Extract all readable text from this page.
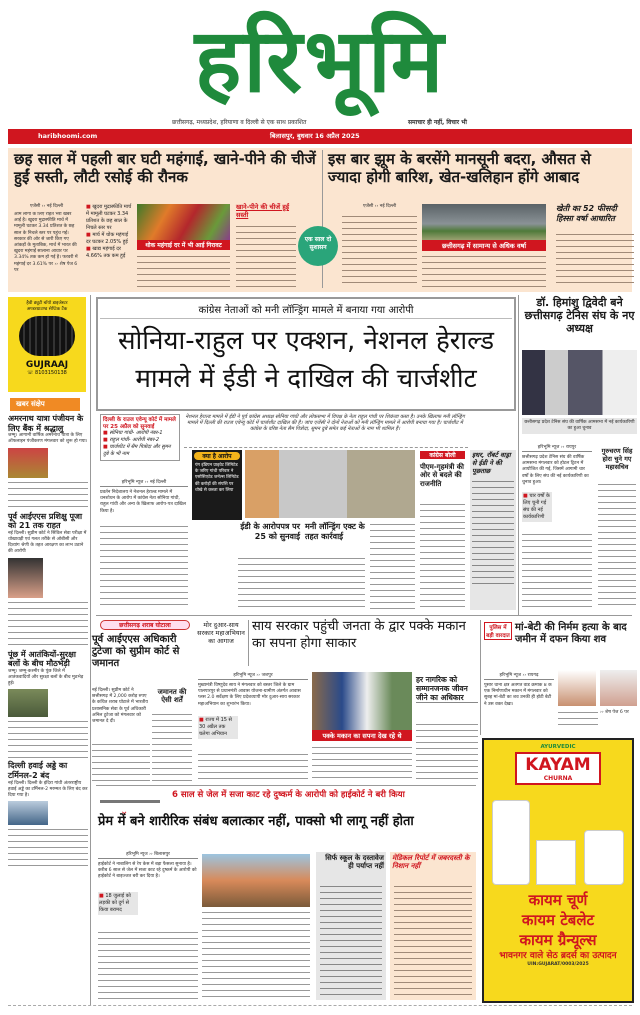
हरिभूमि
छत्तीसगढ़, मध्यप्रदेश, हरियाणा व दिल्ली से एक साथ प्रकाशित	समाचार ही नहीं, विचार भी
haribhoomi.com	बिलासपुर, बुधवार 16 अप्रैल 2025
छह साल में पहली बार घटी महंगाई, खाने-पीने की चीजें हुईं सस्ती, लौटी रसोई की रौनक
इस बार झूम के बरसेंगे मानसूनी बदरा, औसत से ज्यादा होगी बारिश, खेत-खलिहान होंगे आबाद
एजेंसी ›› नई दिल्ली
आम लोगों के लिए राहत भरी खबर आई है। खुदरा मुद्रास्फीति मार्च में मामूली घटकर 3.34 प्रतिशत के छह साल के निचले स्तर पर पहुंच गई। सरकार की ओर से जारी किए गए आंकड़ों के मुताबिक, मार्च में भारत की खुदरा महंगाई सालाना आधार पर 3.34% तक कम हो गई है। फरवरी में महंगाई दर 3.61% पर ›› शेष पेज 6 पर
■ खुदरा मुद्रास्फीति मार्च में मामूली घटकर 3.34 प्रतिशत के छह साल के निचले स्तर पर
■ मार्च में थोक महंगाई दर घटकर 2.05% हुई
■ खाद्य महंगाई दर 4.66% तक कम हुई
थोक महंगाई दर में भी आई गिरावट
खाने-पीने की चीजें हुईं सस्ती
एक साल दो सुशासन
एजेंसी ›› नई दिल्ली
छत्तीसगढ़ में सामान्य से अधिक वर्षा
खेती का 52 फीसदी हिस्सा वर्षा आधारित
हैवी ड्यूटी बॉयो डाइजेस्टर
अण्डरग्राउण्ड सेप्टिक टैंक
GUJRAAJ
☏ 8103150138
खबर संक्षेप
अमरनाथ यात्रा पंजीयन के लिए बैंक में श्रद्धालु
जम्मू। आगामी वार्षिक अमरनाथ यात्रा के लिए ऑफलाइन पंजीकरण मंगलवार को शुरू हो गया।
पूर्व आईएएस प्रशिक्षु पूजा को 21 तक राहत
नई दिल्ली। सुप्रीम कोर्ट ने सिविल सेवा परीक्षा में धोखाधड़ी एवं गलत तरीके से ओबीसी और दिव्यांग श्रेणी के तहत आरक्षण का लाभ उठाने की आरोपी
पूंछ में आतंकियों-सुरक्षा बलों के बीच मौठभेड़ी
जम्मू। जम्मू-कश्मीर के पुंछ जिले में आतंकवादियों और सुरक्षा बलों के बीच मुठभेड़ हुई।
दिल्ली हवाई अड्डे का टर्मिनल-2 बंद
नई दिल्ली। दिल्ली के इंदिरा गांधी अंतरराष्ट्रीय हवाई अड्डे का टर्मिनल-2 मरम्मत के लिए बंद कर दिया गया है।
कांग्रेस नेताओं को मनी लॉन्ड्रिंग मामले में बनाया गया आरोपी
सोनिया-राहुल पर एक्शन, नेशनल हेराल्ड मामले में ईडी ने दाखिल की चार्जशीट
नेशनल हेराल्ड मामले में ईडी ने पूर्व कांग्रेस अध्यक्ष सोनिया गांधी और लोकसभा में विपक्ष के नेता राहुल गांधी पर शिकंजा कसा है। उनके खिलाफ मनी लॉन्ड्रिंग मामले में दिल्ली की राउज एवेन्यू कोर्ट में चार्जशीट दाखिल की है। जांच एजेंसी ने दोनों नेताओं को मनी लॉन्ड्रिंग मामले में आरोपी बनाया गया है। चार्जशीट में कांग्रेस के वरिष्ठ नेता सैम पित्रोदा, सुमन दुबे समेत कई नेताओं के नाम भी शामिल हैं।
दिल्ली के राउज एवेन्यू कोर्ट में मामले पर 25 अप्रैल को सुनवाई
■ सोनिया गांधी- आरोपी नंबर-1
■ राहुल गांधी- आरोपी नंबर-2
■ चार्जशीट में सैम पित्रोदा और सुमन दुबे के भी नाम
हरिभूमि न्यूज ›› नई दिल्ली
प्रवर्तन निदेशालय ने नेशनल हेराल्ड मामले में धनशोधन के आरोप में कांग्रेस नेता सोनिया गांधी, राहुल गांधी और अन्य के खिलाफ आरोप-पत्र दाखिल किया है।
क्या है आरोप
यंग इंडियन प्राइवेट लिमिटेड के जरिए गांधी परिवार ने एसोसिएटेड जर्नल्स लिमिटेड की करोड़ों की संपत्ति पर धोखे से कब्जा कर लिया
ईडी के आरोपपत्र पर 25 को सुनवाई
मनी लॉन्ड्रिंग एक्ट के तहत कार्रवाई
कांग्रेस बोली
पीएम-गृहमंत्री की ओर से बदले की राजनीति
इधर, रॉबर्ट वाड्रा से ईडी ने की पूछताछ
डॉ. हिमांशु द्विवेदी बने छत्तीसगढ़ टेनिस संघ के नए अध्यक्ष
छत्तीसगढ़ प्रदेश टेनिस संघ की वार्षिक आमसभा में नई कार्यकारिणी का हुआ चुनाव
हरिभूमि न्यूज ›› रायपुर
छत्तीसगढ़ प्रदेश टेनिस संघ की वार्षिक आमसभा मंगलवार को होटल ट्रिटन में आयोजित की गई, जिसमें आगामी चार वर्षों के लिए संघ की नई कार्यकारिणी का चुनाव हुआ।
■ चार वर्षों के लिए चुनी गई संघ की नई कार्यकारिणी
गुरुचरण सिंह होरा चुने गए महासचिव
छत्तीसगढ़ शराब घोटाला
पूर्व आईएएस अधिकारी टुटेजा को सुप्रीम कोर्ट से जमानत
नई दिल्ली। सुप्रीम कोर्ट ने छत्तीसगढ़ में 2,000 करोड़ रुपए के कथित शराब घोटाले में भारतीय प्रशासनिक सेवा के पूर्व अधिकारी अनिल टुटेजा को मंगलवार को जमानत दे दी।
जमानत की ऐसी शर्तें
मोर दुआर-साय सरकार महाअभियान का आगाज
साय सरकार पहुंची जनता के द्वार पक्के मकान का सपना होगा साकार
हरिभूमि न्यूज ›› जशपुर
मुख्यमंत्री विष्णुदेव साय ने मंगलवार को बस्तर जिले के ग्राम पालपारपुर से प्रधानमंत्री आवास योजना-ग्रामीण अंतर्गत आवास प्लस 2.0 सर्वेक्षण के लिए प्रदेशव्यापी मोर दुआर-साय सरकार महाअभियान का शुभारंभ किया।
■ राज्य में 15 से 30 अप्रैल तक चलेगा अभियान	पक्के मकान का सपना देख रहे थे
हर नागरिक को सम्मानजनक जीवन जीने का अधिकार
पुलिस में बड़ी वारदात
मां-बेटी की निर्मम हत्या के बाद जमीन में दफन किया शव
हरिभूमि न्यूज ›› रायगढ़
पुसौर थाना क्षेत्र अंतर्गत वार्ड क्रमांक 8 के एक निर्माणाधीन मकान में मंगलवार को सुबह मां-बेटी का शव उनकी ही होटी बेटी ने उस वक्त देखा।
›› शेष पेज 6 पर
⌄
6 साल से जेल में सजा काट रहे दुष्कर्म के आरोपी को हाईकोर्ट ने बरी किया
प्रेम में बने शारीरिक संबंध बलात्कार नहीं, पाक्सो भी लागू नहीं होता
हरिभूमि न्यूज ›› बिलासपुर
हाईकोर्ट ने नाबालिग से रेप केस में बड़ा फैसला सुनाया है। करीब 6 साल से जेल में सजा काट रहे दुष्कर्म के आरोपी को हाईकोर्ट ने बाइज्जत बरी कर दिया है।
■ 18 जुलाई को लड़की को दुर्ग से किया बरामद
सिर्फ स्कूल के दस्तावेज ही पर्याप्त नहीं
मेडिकल रिपोर्ट में जबरदस्ती के निशान नहीं
AYURVEDIC
KAYAM
CHURNA
कायम चूर्ण
कायम टेबलेट
कायम ग्रैन्यूल्स
भावनगर वाले सेठ ब्रदर्स का उत्पादन
UIN:GUJARAT/0003/2025
